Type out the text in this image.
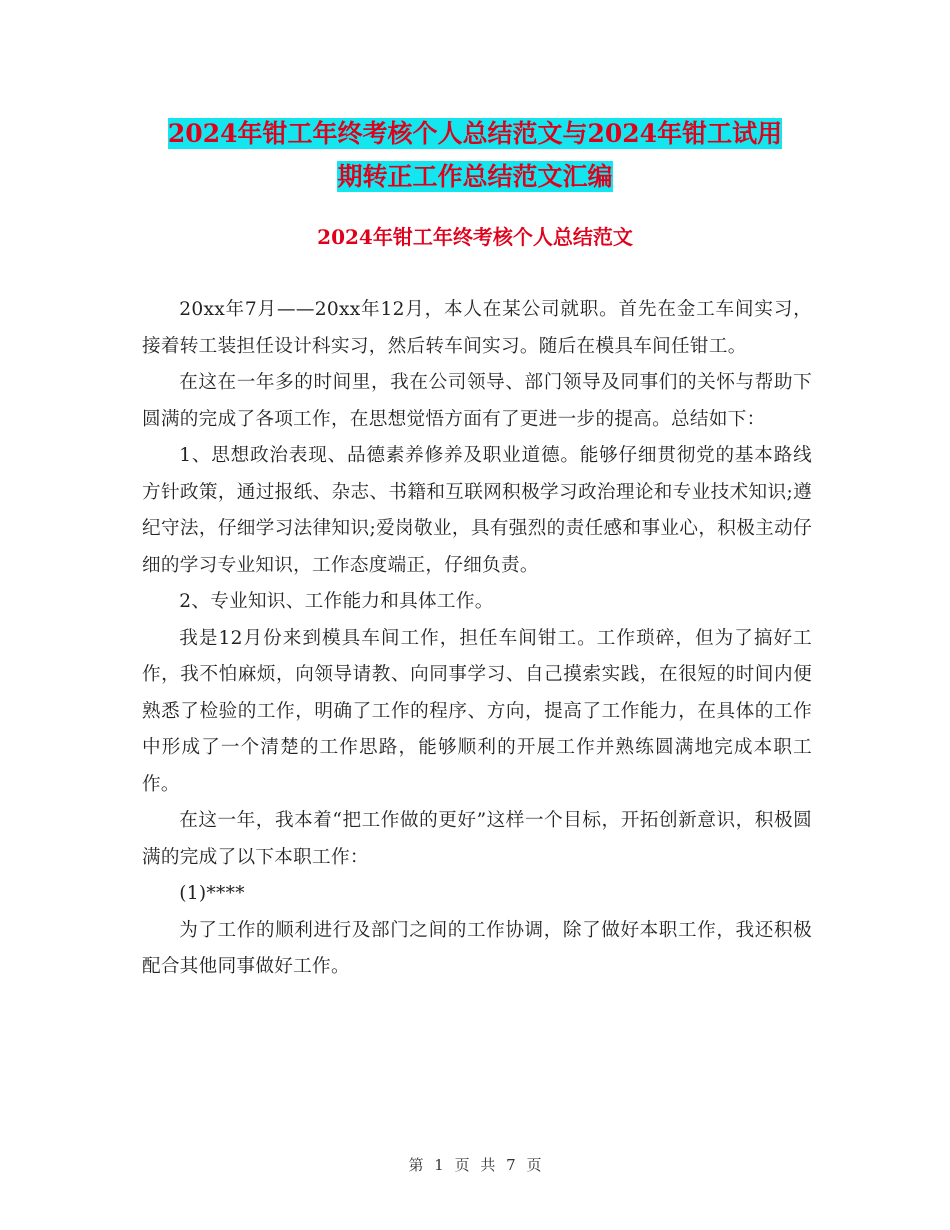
2024年钳工年终考核个人总结范文与2024年钳工试用
期转正工作总结范文汇编
2024年钳工年终考核个人总结范文

20xx年7月——20xx年12月，本人在某公司就职。首先在金工车间实习，接着转工装担任设计科实习，然后转车间实习。随后在模具车间任钳工。

在这在一年多的时间里，我在公司领导、部门领导及同事们的关怀与帮助下圆满的完成了各项工作，在思想觉悟方面有了更进一步的提高。总结如下：

1、思想政治表现、品德素养修养及职业道德。能够仔细贯彻党的基本路线方针政策，通过报纸、杂志、书籍和互联网积极学习政治理论和专业技术知识;遵纪守法，仔细学习法律知识;爱岗敬业，具有强烈的责任感和事业心，积极主动仔细的学习专业知识，工作态度端正，仔细负责。

2、专业知识、工作能力和具体工作。

我是12月份来到模具车间工作，担任车间钳工。工作琐碎，但为了搞好工作，我不怕麻烦，向领导请教、向同事学习、自己摸索实践，在很短的时间内便熟悉了检验的工作，明确了工作的程序、方向，提高了工作能力，在具体的工作中形成了一个清楚的工作思路，能够顺利的开展工作并熟练圆满地完成本职工作。

在这一年，我本着“把工作做的更好”这样一个目标，开拓创新意识，积极圆满的完成了以下本职工作：

(1)****

为了工作的顺利进行及部门之间的工作协调，除了做好本职工作，我还积极配合其他同事做好工作。

第 1 页 共 7 页
